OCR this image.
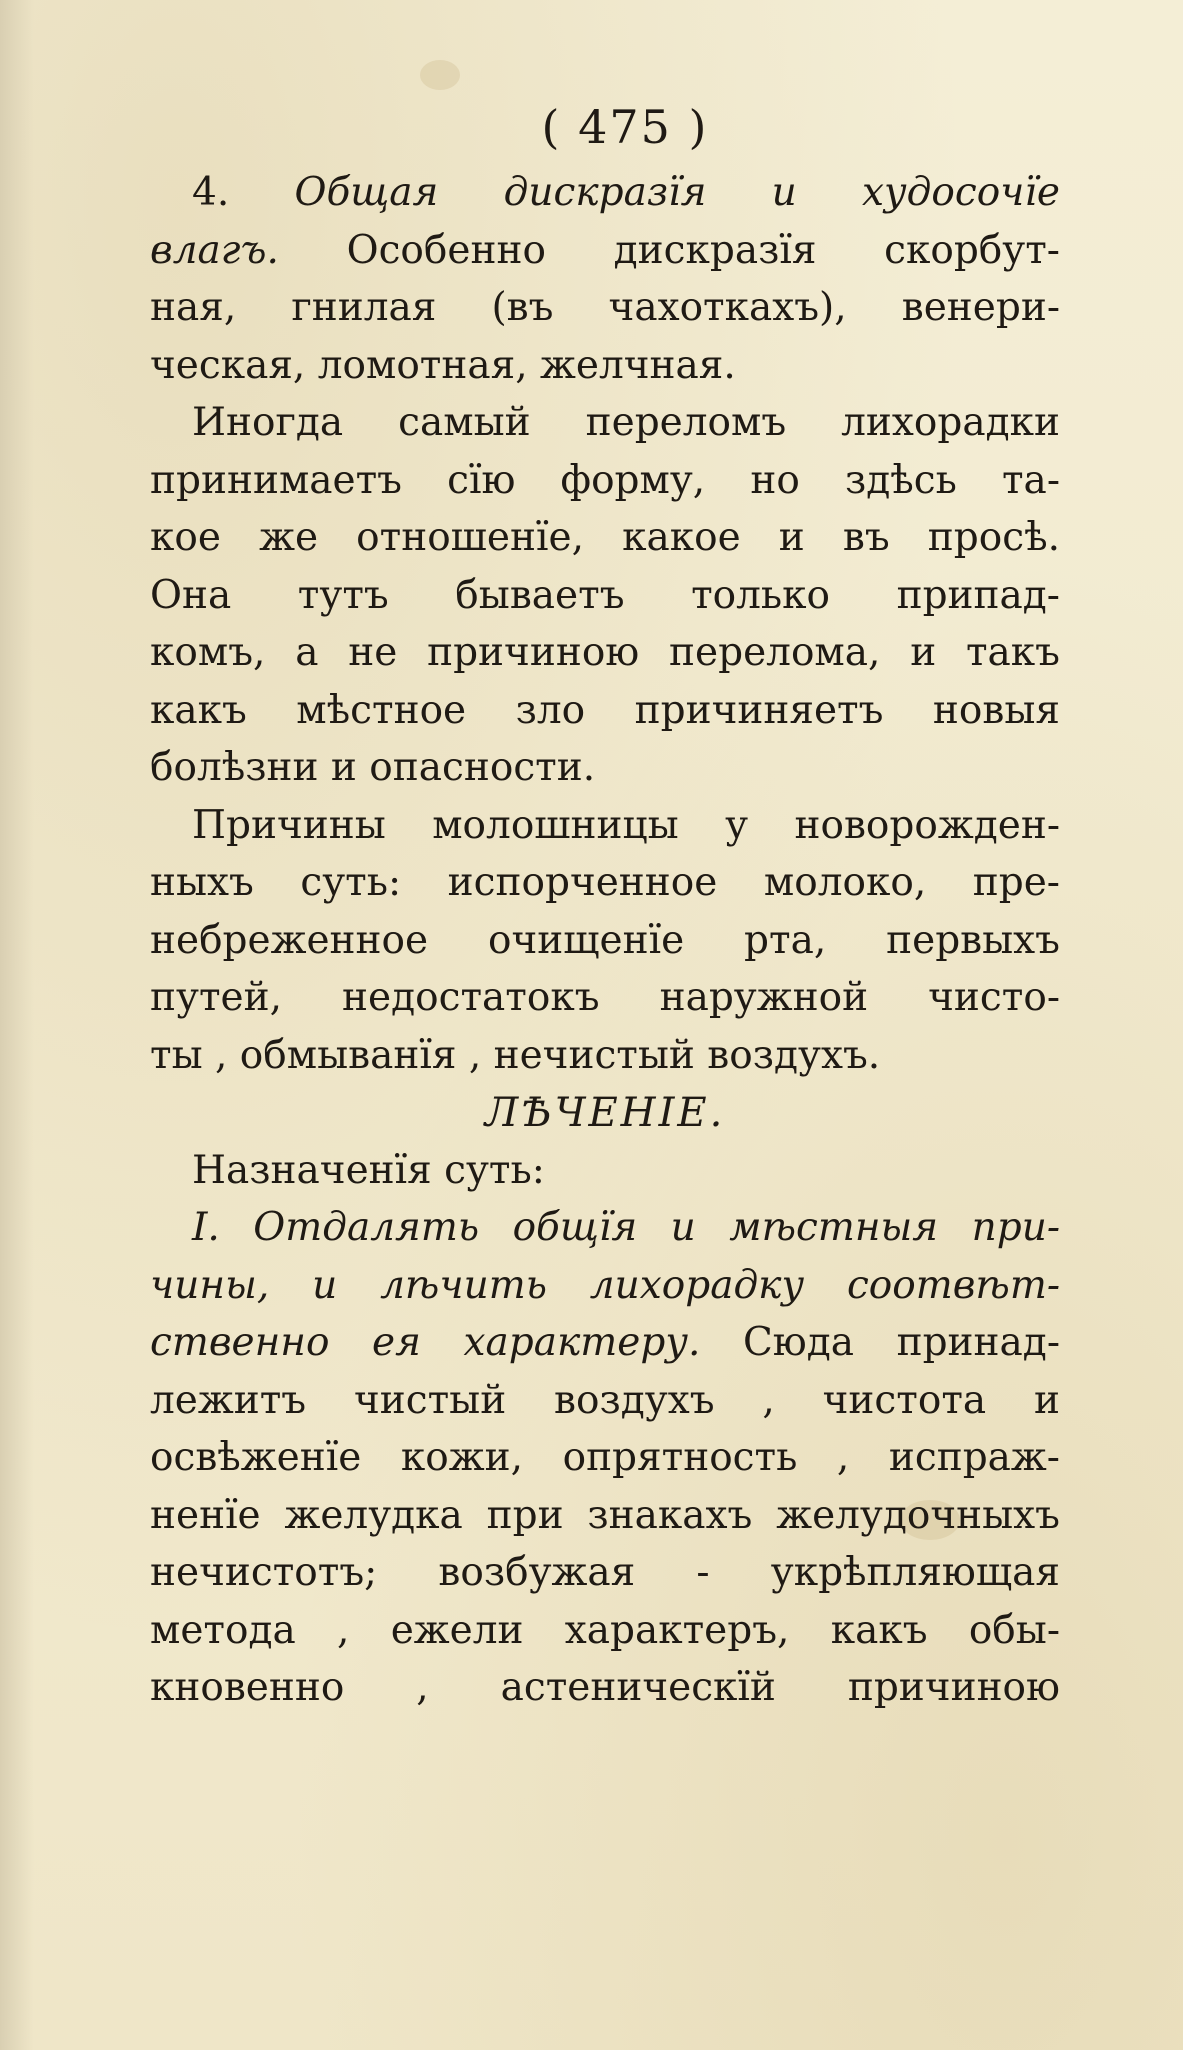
( 475 )
4. Общая дискразїя и худосочїе
влагъ. Особенно дискразїя скорбут-
ная, гнилая (въ чахоткахъ), венери-
ческая, ломотная, желчная.
Иногда самый переломъ лихорадки
принимаетъ сїю форму, но здѣсь та-
кое же отношенїе, какое и въ просѣ.
Она тутъ бываетъ только припад-
комъ, а не причиною перелома, и такъ
какъ мѣстное зло причиняетъ новыя
болѣзни и опасности.
Причины молошницы у новорожден-
ныхъ суть: испорченное молоко, пре-
небреженное очищенїе рта, первыхъ
путей, недостатокъ наружной чисто-
ты , обмыванїя , нечистый воздухъ.
ЛѢЧЕНIЕ.
Назначенїя суть:
I. Отдалять общїя и мѣстныя при-
чины, и лѣчить лихорадку соотвѣт-
ственно ея характеру. Сюда принад-
лежитъ чистый воздухъ , чистота и
освѣженїе кожи, опрятность , испраж-
ненїе желудка при знакахъ желудочныхъ
нечистотъ; возбужая - укрѣпляющая
метода , ежели характеръ, какъ обы-
кновенно , астеническїй причиною
